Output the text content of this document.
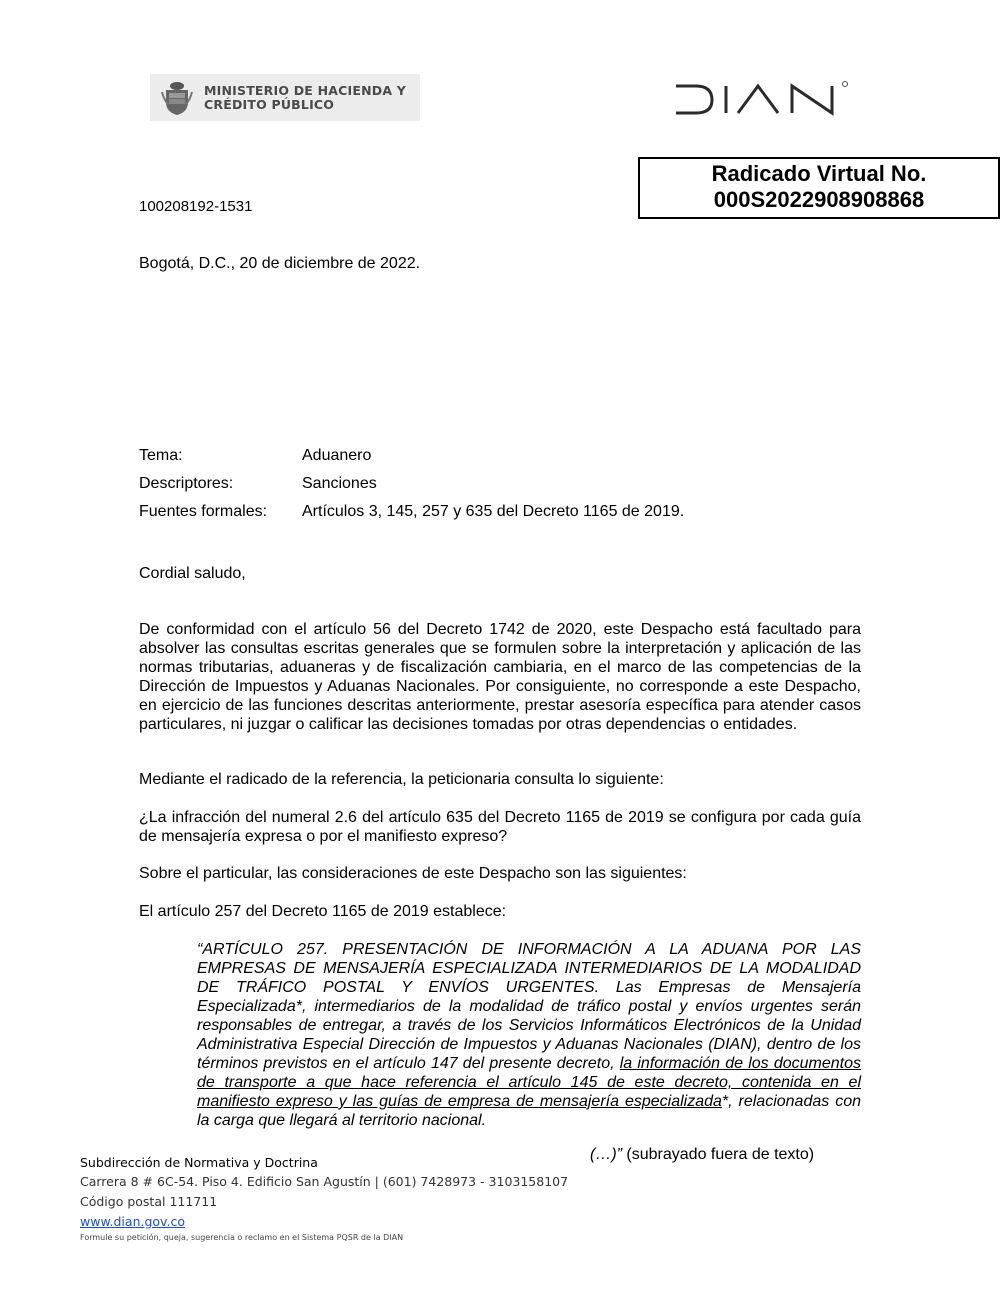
MINISTERIO DE HACIENDA Y
CRÉDITO PÚBLICO
Radicado Virtual No.
000S2022908908868
100208192-1531
Bogotá, D.C., 20 de diciembre de 2022.
Tema:	Aduanero
Descriptores:	Sanciones
Fuentes formales: Artículos 3, 145, 257 y 635 del Decreto 1165 de 2019.
Cordial saludo,
De conformidad con el artículo 56 del Decreto 1742 de 2020, este Despacho está facultado para absolver las consultas escritas generales que se formulen sobre la interpretación y aplicación de las normas tributarias, aduaneras y de fiscalización cambiaria, en el marco de las competencias de la Dirección de Impuestos y Aduanas Nacionales. Por consiguiente, no corresponde a este Despacho, en ejercicio de las funciones descritas anteriormente, prestar asesoría específica para atender casos particulares, ni juzgar o calificar las decisiones tomadas por otras dependencias o entidades.
Mediante el radicado de la referencia, la peticionaria consulta lo siguiente:
¿La infracción del numeral 2.6 del artículo 635 del Decreto 1165 de 2019 se configura por cada guía de mensajería expresa o por el manifiesto expreso?
Sobre el particular, las consideraciones de este Despacho son las siguientes:
El artículo 257 del Decreto 1165 de 2019 establece:
“ARTÍCULO 257. PRESENTACIÓN DE INFORMACIÓN A LA ADUANA POR LAS EMPRESAS DE MENSAJERÍA ESPECIALIZADA INTERMEDIARIOS DE LA MODALIDAD DE TRÁFICO POSTAL Y ENVÍOS URGENTES. Las Empresas de Mensajería Especializada*, intermediarios de la modalidad de tráfico postal y envíos urgentes serán responsables de entregar, a través de los Servicios Informáticos Electrónicos de la Unidad Administrativa Especial Dirección de Impuestos y Aduanas Nacionales (DIAN), dentro de los términos previstos en el artículo 147 del presente decreto, la información de los documentos de transporte a que hace referencia el artículo 145 de este decreto, contenida en el manifiesto expreso y las guías de empresa de mensajería especializada*, relacionadas con la carga que llegará al territorio nacional.
(…)” (subrayado fuera de texto)
Subdirección de Normativa y Doctrina
Carrera 8 # 6C-54. Piso 4. Edificio San Agustín | (601) 7428973 - 3103158107
Código postal 111711
www.dian.gov.co
Formule su petición, queja, sugerencia o reclamo en el Sistema PQSR de la DIAN
